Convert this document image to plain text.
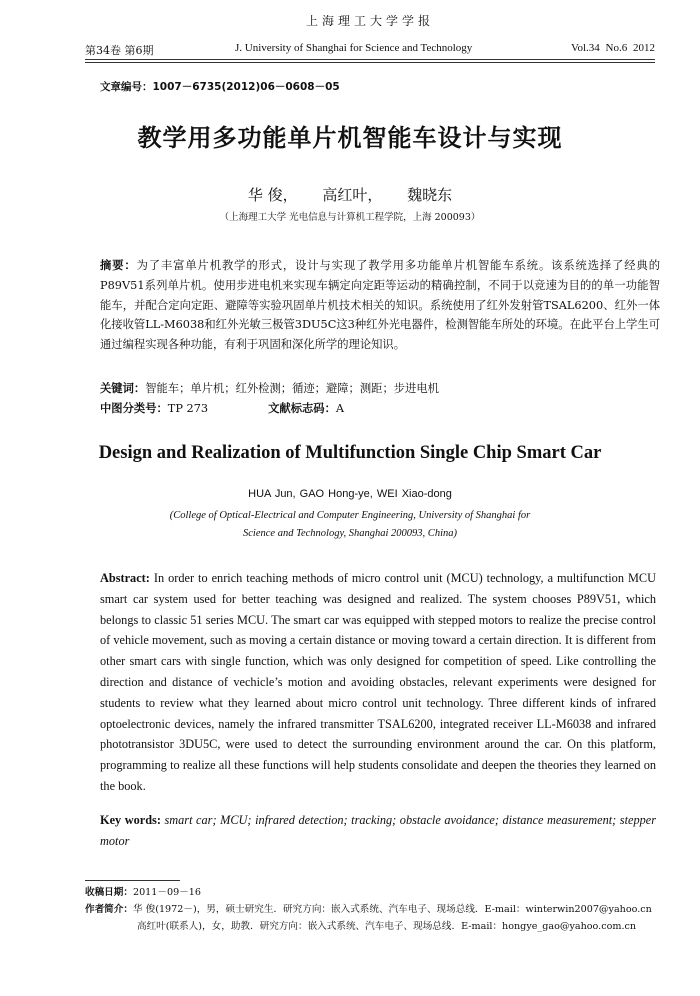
上海理工大学学报
第34卷 第6期	J. University of Shanghai for Science and Technology	Vol.34 No.6 2012
文章编号：1007－6735(2012)06－0608－05
教学用多功能单片机智能车设计与实现
华 俊， 高红叶， 魏晓东
（上海理工大学 光电信息与计算机工程学院，上海 200093）
摘要：为了丰富单片机教学的形式，设计与实现了教学用多功能单片机智能车系统。该系统选择了经典的P89V51系列单片机。使用步进电机来实现车辆定向定距等运动的精确控制，不同于以竞速为目的的单一功能智能车，并配合定向定距、避障等实验巩固单片机技术相关的知识。系统使用了红外发射管TSAL6200、红外一体化接收管LL-M6038和红外光敏三极管3DU5C这3种红外光电器件，检测智能车所处的环境。在此平台上学生可通过编程实现各种功能，有利于巩固和深化所学的理论知识。
关键词：智能车；单片机；红外检测；循迹；避障；测距；步进电机
中图分类号：TP 273	文献标志码：A
Design and Realization of Multifunction Single Chip Smart Car
HUA Jun, GAO Hong-ye, WEI Xiao-dong
(College of Optical-Electrical and Computer Engineering, University of Shanghai for
Science and Technology, Shanghai 200093, China)
Abstract: In order to enrich teaching methods of micro control unit (MCU) technology, a multifunction MCU smart car system used for better teaching was designed and realized. The system chooses P89V51, which belongs to classic 51 series MCU. The smart car was equipped with stepped motors to realize the precise control of vehicle movement, such as moving a certain distance or moving toward a certain direction. It is different from other smart cars with single function, which was only designed for competition of speed. Like controlling the direction and distance of vechicle’s motion and avoiding obstacles, relevant experiments were designed for students to review what they learned about micro control unit technology. Three different kinds of infrared optoelectronic devices, namely the infrared transmitter TSAL6200, integrated receiver LL-M6038 and infrared phototransistor 3DU5C, were used to detect the surrounding environment around the car. On this platform, programming to realize all these functions will help students consolidate and deepen the theories they learned on the book.
Key words: smart car; MCU; infrared detection; tracking; obstacle avoidance; distance measurement; stepper motor
收稿日期：2011－09－16
作者简介：华 俊(1972－)，男，硕士研究生．研究方向：嵌入式系统、汽车电子、现场总线．E-mail：winterwin2007@yahoo.cn
高红叶(联系人)，女，助教．研究方向：嵌入式系统、汽车电子、现场总线．E-mail：hongye_gao@yahoo.com.cn
